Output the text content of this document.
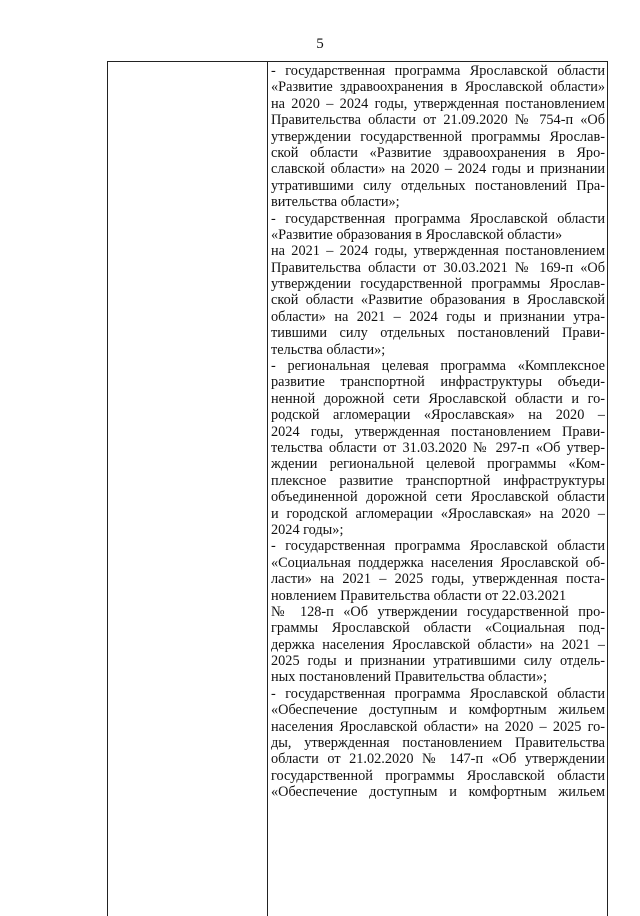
5
- государственная программа Ярославской области
«Развитие здравоохранения в Ярославской области»
на 2020 – 2024 годы, утвержденная постановлением
Правительства области от 21.09.2020 № 754-п «Об
утверждении государственной программы Ярослав-
ской области «Развитие здравоохранения в Яро-
славской области» на 2020 – 2024 годы и признании
утратившими силу отдельных постановлений Пра-
вительства области»;
- государственная программа Ярославской области
«Развитие образования в Ярославской области»
на 2021 – 2024 годы, утвержденная постановлением
Правительства области от 30.03.2021 № 169-п «Об
утверждении государственной программы Ярослав-
ской области «Развитие образования в Ярославской
области» на 2021 – 2024 годы и признании утра-
тившими силу отдельных постановлений Прави-
тельства области»;
- региональная целевая программа «Комплексное
развитие транспортной инфраструктуры объеди-
ненной дорожной сети Ярославской области и го-
родской агломерации «Ярославская» на 2020 –
2024 годы, утвержденная постановлением Прави-
тельства области от 31.03.2020 № 297-п «Об утвер-
ждении региональной целевой программы «Ком-
плексное развитие транспортной инфраструктуры
объединенной дорожной сети Ярославской области
и городской агломерации «Ярославская» на 2020 –
2024 годы»;
- государственная программа Ярославской области
«Социальная поддержка населения Ярославской об-
ласти» на 2021 – 2025 годы, утвержденная поста-
новлением Правительства области от 22.03.2021
№ 128-п «Об утверждении государственной про-
граммы Ярославской области «Социальная под-
держка населения Ярославской области» на 2021 –
2025 годы и признании утратившими силу отдель-
ных постановлений Правительства области»;
- государственная программа Ярославской области
«Обеспечение доступным и комфортным жильем
населения Ярославской области» на 2020 – 2025 го-
ды, утвержденная постановлением Правительства
области от 21.02.2020 № 147-п «Об утверждении
государственной программы Ярославской области
«Обеспечение доступным и комфортным жильем
